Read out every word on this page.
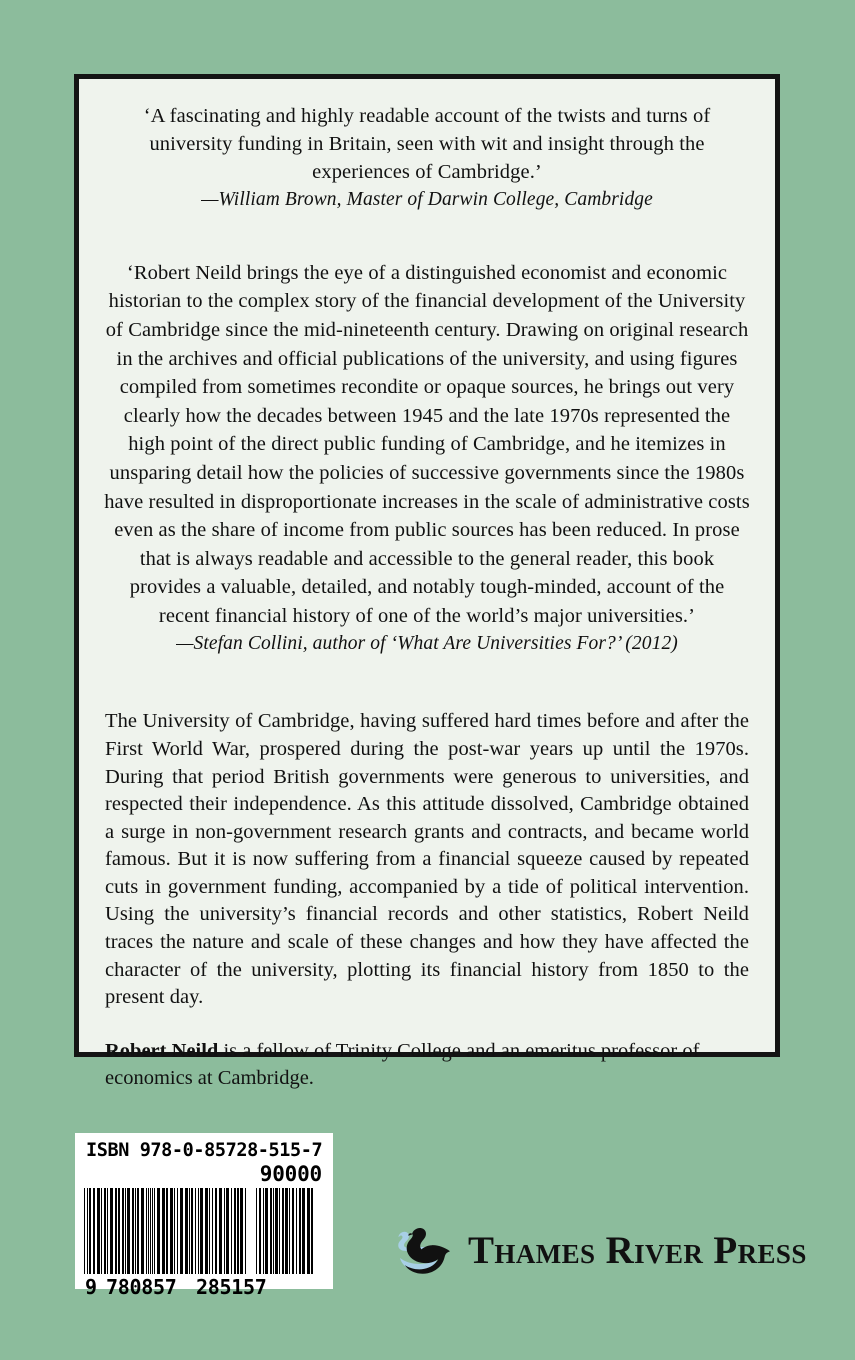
‘A fascinating and highly readable account of the twists and turns of university funding in Britain, seen with wit and insight through the experiences of Cambridge.’

—William Brown, Master of Darwin College, Cambridge

‘Robert Neild brings the eye of a distinguished economist and economic historian to the complex story of the financial development of the University of Cambridge since the mid-nineteenth century. Drawing on original research in the archives and official publications of the university, and using figures compiled from sometimes recondite or opaque sources, he brings out very clearly how the decades between 1945 and the late 1970s represented the high point of the direct public funding of Cambridge, and he itemizes in unsparing detail how the policies of successive governments since the 1980s have resulted in disproportionate increases in the scale of administrative costs even as the share of income from public sources has been reduced. In prose that is always readable and accessible to the general reader, this book provides a valuable, detailed, and notably tough-minded, account of the recent financial history of one of the world’s major universities.’

—Stefan Collini, author of ‘What Are Universities For?’ (2012)

The University of Cambridge, having suffered hard times before and after the First World War, prospered during the post-war years up until the 1970s. During that period British governments were generous to universities, and respected their independence. As this attitude dissolved, Cambridge obtained a surge in non-government research grants and contracts, and became world famous. But it is now suffering from a financial squeeze caused by repeated cuts in government funding, accompanied by a tide of political intervention. Using the university’s financial records and other statistics, Robert Neild traces the nature and scale of these changes and how they have affected the character of the university, plotting its financial history from 1850 to the present day.

Robert Neild is a fellow of Trinity College and an emeritus professor of economics at Cambridge.

ISBN 978-0-85728-515-7
90000
9 780857 285157
Thames River Press
